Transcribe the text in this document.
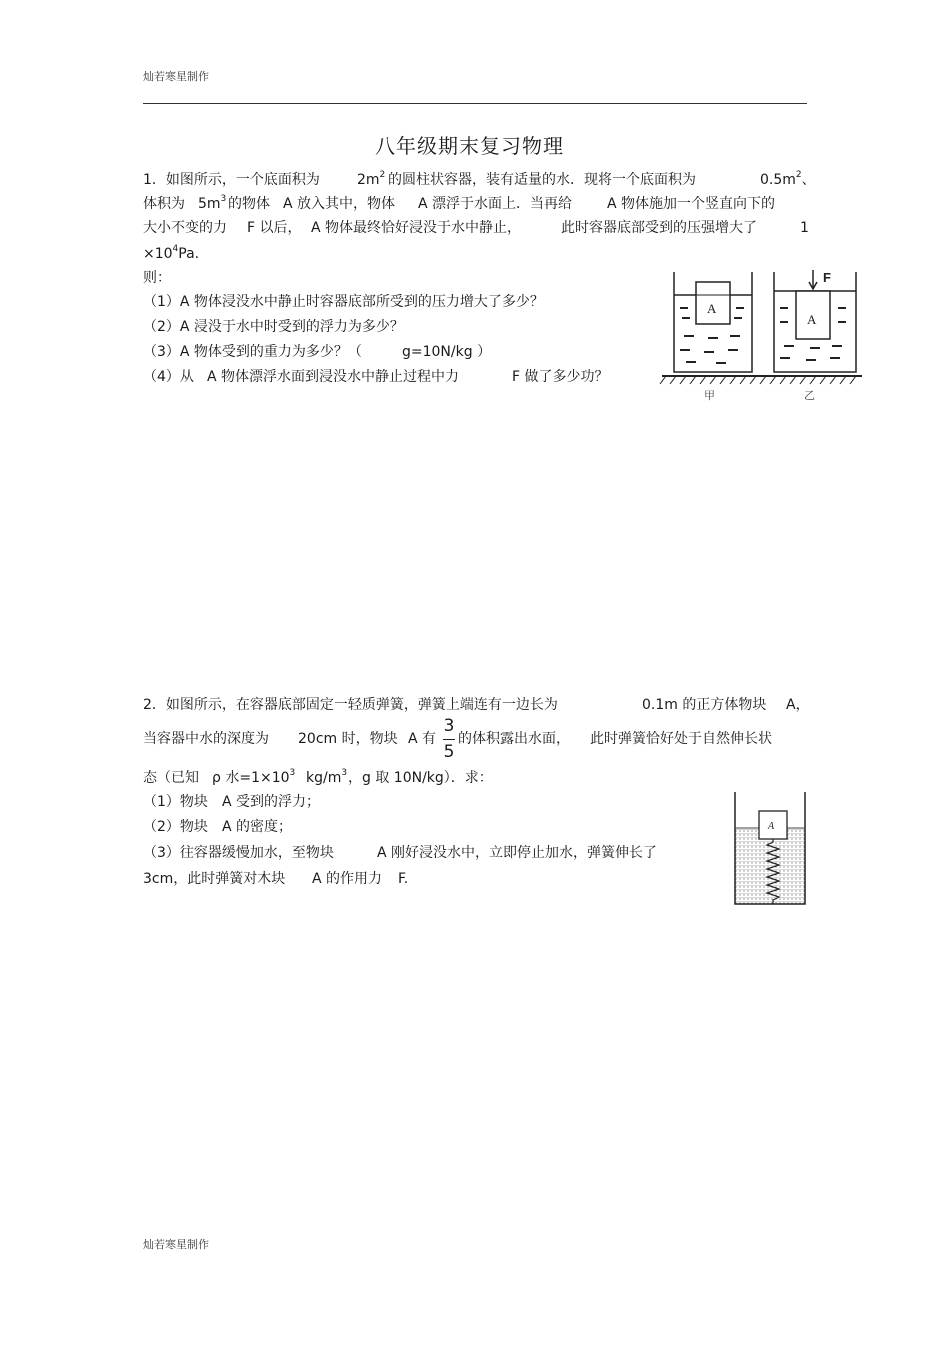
灿若寒星制作
八年级期末复习物理
1．如图所示，一个底面积为	$2m^2$ 的圆柱状容器，装有适量的水．现将一个底面积为	$0.5m^2$、
体积为 $5m^3$ 的物体 A 放入其中，物体 A 漂浮于水面上．当再给 A 物体施加一个竖直向下的
大小不变的力 F 以后， A 物体最终恰好浸没于水中静止，	此时容器底部受到的压强增大了	1
$\times 10^4Pa$.
则：
（1）A 物体浸没水中静止时容器底部所受到的压力增大了多少？
（2）A 浸没于水中时受到的浮力为多少？
（3）A 物体受到的重力为多少？（	g=10N/kg ）
（4）从 A 物体漂浮水面到浸没水中静止过程中力	F 做了多少功？
A
A
F
甲	乙
2．如图所示，在容器底部固定一轻质弹簧，弹簧上端连有一边长为	0.1m 的正方体物块 A，
当容器中水的深度为 20cm 时，物块 A 有
3
5
的体积露出水面， 此时弹簧恰好处于自然伸长状
态（已知 ρ 水$=1\times 10^3$ $kg/m^3$ ，g 取 10N/kg）．求：
（1）物块 A 受到的浮力；
（2）物块 A 的密度；
（3）往容器缓慢加水，至物块	A 刚好浸没水中，立即停止加水，弹簧伸长了
3cm，此时弹簧对木块 A 的作用力 F.
A
灿若寒星制作
